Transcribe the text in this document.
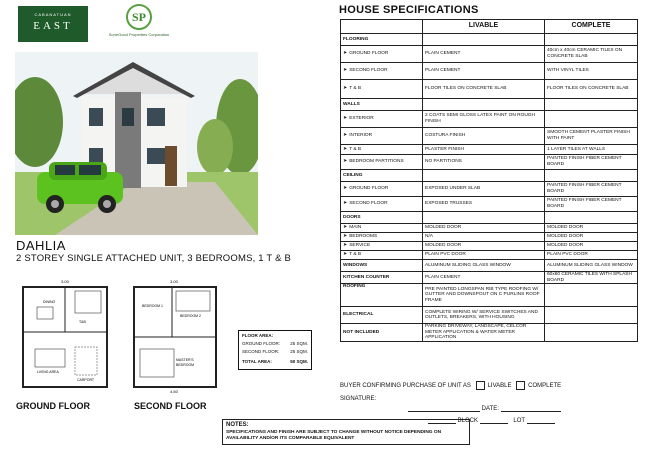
CABANATUAN
EAST
SP
SoneGood Properties Corporation
DAHLIA
2 STOREY SINGLE ATTACHED UNIT, 3 BEDROOMS, 1 T & B
3.00
DINING
T&B
LIVING AREA
CARPORT
3.00
BEDROOM 1
BEDROOM 2
MASTER'S
BEDROOM
4.50
GROUND FLOOR	SECOND FLOOR
FLOOR AREA:
GROUND FLOOR: 25 SQM.
SECOND FLOOR: 25 SQM.
TOTAL AREA:	50 SQM.
HOUSE SPECIFICATIONS
	LIVABLE	COMPLETE
FLOORING		
➤ GROUND FLOOR	PLAIN CEMENT	40cm x 40cm CERAMIC TILES ON CONCRETE SLAB
➤ SECOND FLOOR	PLAIN CEMENT	WITH VINYL TILES
➤ T & B	FLOOR TILES ON CONCRETE SLAB	FLOOR TILES ON CONCRETE SLAB
WALLS		
➤ EXTERIOR	2 COATS SEMI GLOSS LATEX PAINT ON ROUGH FINISH	
➤ INTERIOR	COSTURA FINISH	SMOOTH CEMENT PLASTER FINISH WITH PAINT
➤ T & B	PLASTER FINISH	1 LAYER TILES AT WALLS
➤ BEDROOM PARTITIONS	NO PARTITIONS	PAINTED FINISH FIBER CEMENT BOARD
CEILING		
➤ GROUND FLOOR	EXPOSED UNDER SLAB	PAINTED FINISH FIBER CEMENT BOARD
➤ SECOND FLOOR	EXPOSED TRUSSES	PAINTED FINISH FIBER CEMENT BOARD
DOORS		
➤ MAIN	MOLDED DOOR	MOLDED DOOR
➤ BEDROOMS	N/A	MOLDED DOOR
➤ SERVICE	MOLDED DOOR	MOLDED DOOR
➤ T & B	PLAIN PVC DOOR	PLAIN PVC DOOR
WINDOWS	ALUMINUM SLIDING GLASS WINDOW	ALUMINUM SLIDING GLASS WINDOW
KITCHEN COUNTER	PLAIN CEMENT	60x60 CERAMIC TILES WITH SPLASH BOARD
ROOFING	PRE PAINTED LONGSPAN RIB TYPE ROOFING W/ GUTTER AND DOWNSPOUT ON C PURLINS ROOF FRAME	
ELECTRICAL	COMPLETE WIRING W/ SERVICE SWITCHES AND OUTLETS, BREAKERS, WITH HOUSING	
NOT INCLUDED	PARKING DRIVEWAY, LANDSCAPE, CELCOR METER APPLICATION & WATER METER APPLICATION	
BUYER CONFIRMING PURCHASE OF UNIT AS	LIVABLE	COMPLETE
SIGNATURE:
DATE:
BLOCK	LOT
NOTES:
SPECIFICATIONS AND FINISH ARE SUBJECT TO CHANGE WITHOUT NOTICE DEPENDING ON AVAILABILITY AND/OR ITS COMPARABLE EQUIVALENT
